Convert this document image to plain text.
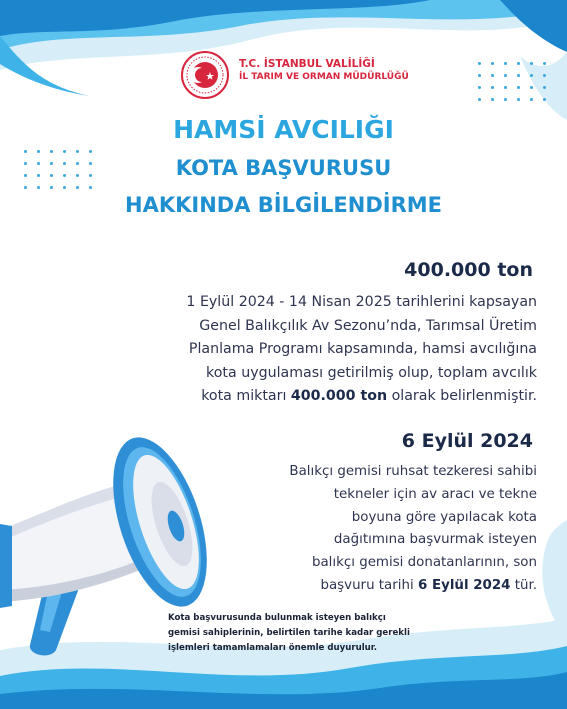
T.C. İSTANBUL VALİLİĞİ
İL TARIM VE ORMAN MÜDÜRLÜĞÜ
HAMSİ AVCILIĞI
KOTA BAŞVURUSU
HAKKINDA BİLGİLENDİRME
400.000 ton
1 Eylül 2024 - 14 Nisan 2025 tarihlerini kapsayan
Genel Balıkçılık Av Sezonu’nda, Tarımsal Üretim
Planlama Programı kapsamında, hamsi avcılığına
kota uygulaması getirilmiş olup, toplam avcılık
kota miktarı 400.000 ton olarak belirlenmiştir.
6 Eylül 2024
Balıkçı gemisi ruhsat tezkeresi sahibi
tekneler için av aracı ve tekne
boyuna göre yapılacak kota
dağıtımına başvurmak isteyen
balıkçı gemisi donatanlarının, son
başvuru tarihi 6 Eylül 2024 tür.
Kota başvurusunda bulunmak isteyen balıkçı
gemisi sahiplerinin, belirtilen tarihe kadar gerekli
işlemleri tamamlamaları önemle duyurulur.
